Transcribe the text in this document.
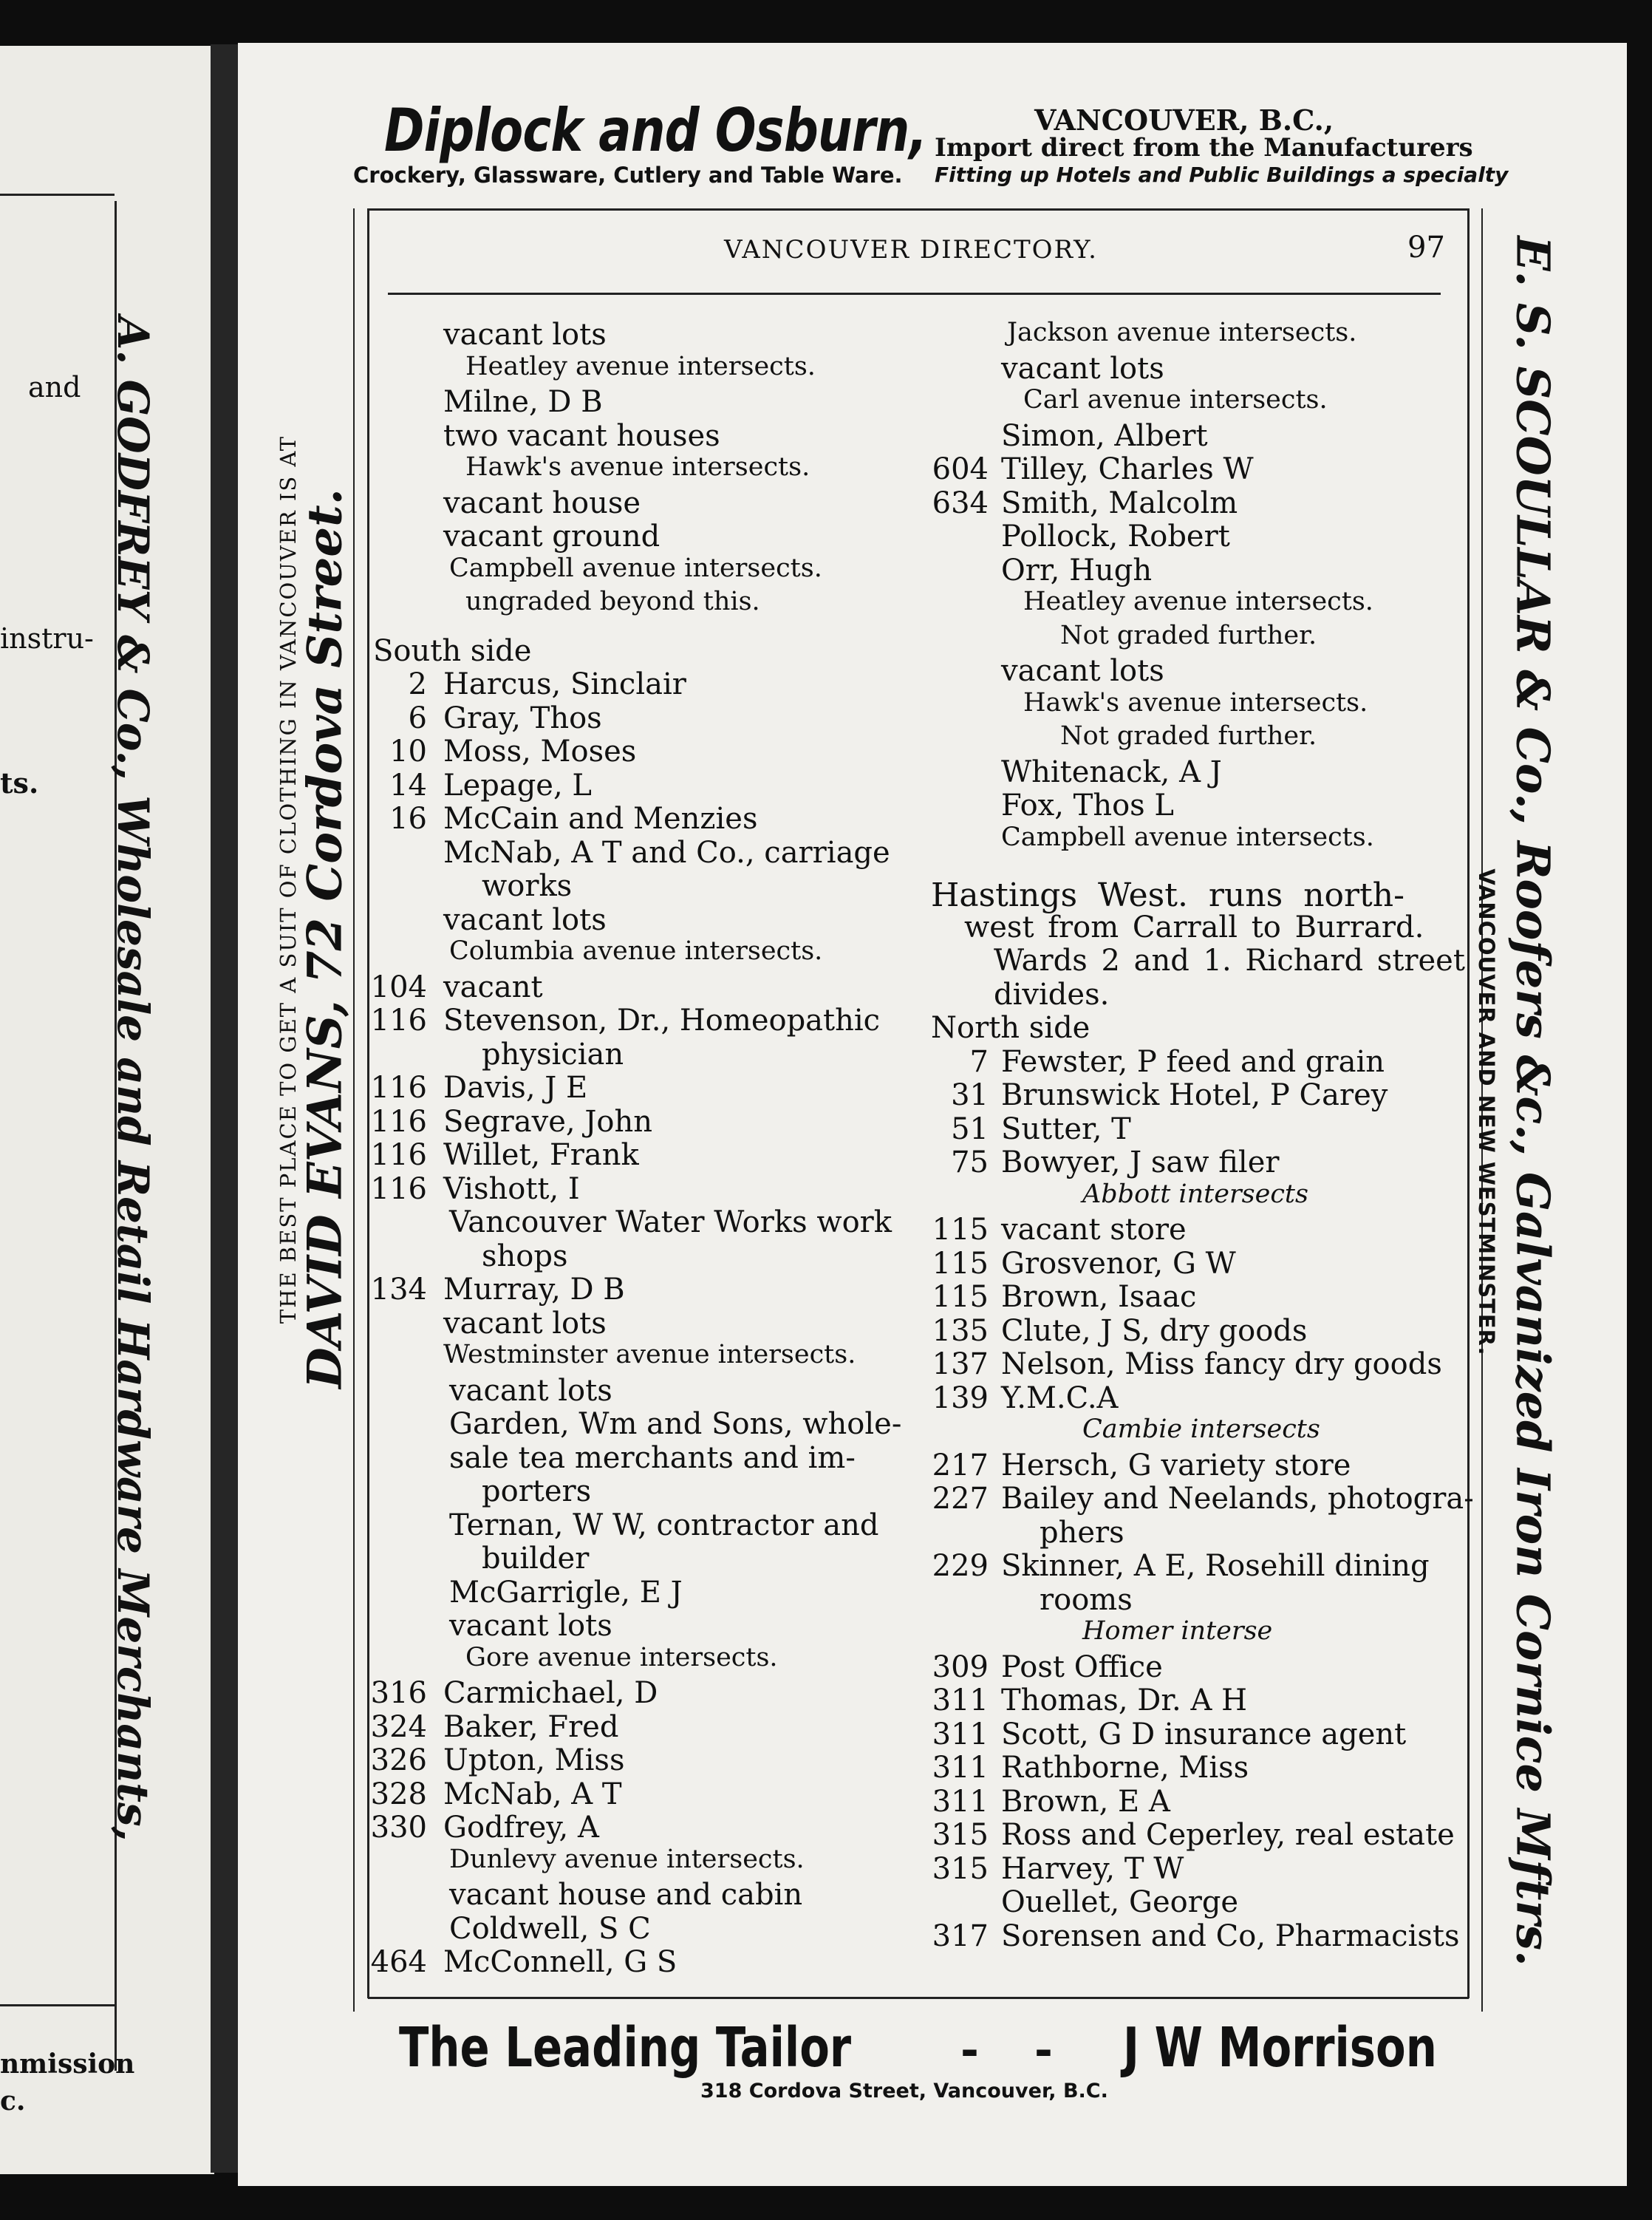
and
instru-
ts.
nmission
c.
A. GODFREY & Co., Wholesale and Retail Hardware Merchants,
Diplock and Osburn,
Crockery, Glassware, Cutlery and Table Ware.
VANCOUVER, B.C.,
Import direct from the Manufacturers
Fitting up Hotels and Public Buildings a specialty
VANCOUVER DIRECTORY.	97
THE BEST PLACE TO GET A SUIT OF CLOTHING IN VANCOUVER IS AT
DAVID EVANS, 72 Cordova Street.	E. S. SCOULLAR & Co., Roofers &c., Galvanized Iron Cornice Mftrs.
VANCOUVER AND NEW WESTMINSTER.
vacant lots
Heatley avenue intersects.
Milne, D B
two vacant houses
Hawk's avenue intersects.
vacant house
vacant ground
Campbell avenue intersects.
ungraded beyond this.
South side
2 Harcus, Sinclair
6 Gray, Thos
10 Moss, Moses
14 Lepage, L
16 McCain and Menzies
McNab, A T and Co., carriage
works
vacant lots
Columbia avenue intersects.
104 vacant
116 Stevenson, Dr., Homeopathic
physician
116 Davis, J E
116 Segrave, John
116 Willet, Frank
116 Vishott, I
Vancouver Water Works work
shops
134 Murray, D B
vacant lots
Westminster avenue intersects.
vacant lots
Garden, Wm and Sons, whole-
sale tea merchants and im-
porters
Ternan, W W, contractor and
builder
McGarrigle, E J
vacant lots
Gore avenue intersects.
316 Carmichael, D
324 Baker, Fred
326 Upton, Miss
328 McNab, A T
330 Godfrey, A
Dunlevy avenue intersects.
vacant house and cabin
Coldwell, S C
464 McConnell, G S
Jackson avenue intersects.
vacant lots
Carl avenue intersects.
Simon, Albert
604 Tilley, Charles W
634 Smith, Malcolm
Pollock, Robert
Orr, Hugh
Heatley avenue intersects.
Not graded further.
vacant lots
Hawk's avenue intersects.
Not graded further.
Whitenack, A J
Fox, Thos L
Campbell avenue intersects.
Hastings West. runs north-
west from Carrall to Burrard.
Wards 2 and 1. Richard street
divides.
North side
7 Fewster, P feed and grain
31 Brunswick Hotel, P Carey
51 Sutter, T
75 Bowyer, J saw filer
Abbott intersects
115 vacant store
115 Grosvenor, G W
115 Brown, Isaac
135 Clute, J S, dry goods
137 Nelson, Miss fancy dry goods
139 Y.M.C.A
Cambie intersects
217 Hersch, G variety store
227 Bailey and Neelands, photogra-
phers
229 Skinner, A E, Rosehill dining
rooms
Homer interse
309 Post Office
311 Thomas, Dr. A H
311 Scott, G D insurance agent
311 Rathborne, Miss
311 Brown, E A
315 Ross and Ceperley, real estate
315 Harvey, T W
Ouellet, George
317 Sorensen and Co, Pharmacists
The Leading Tailor - - J W Morrison
318 Cordova Street, Vancouver, B.C.
